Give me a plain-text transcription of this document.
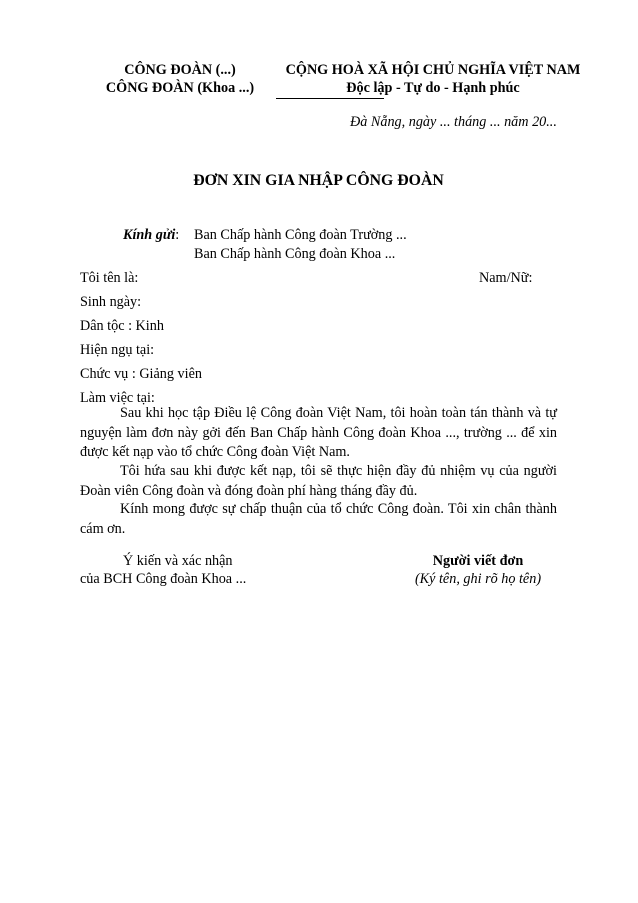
CÔNG ĐOÀN (...)
CÔNG ĐOÀN (Khoa ...)
CỘNG HOÀ XÃ HỘI CHỦ NGHĨA VIỆT NAM
Độc lập - Tự do - Hạnh phúc
Đà Nẵng, ngày ... tháng ... năm 20...
ĐƠN XIN GIA NHẬP CÔNG ĐOÀN
Kính gửi: Ban Chấp hành Công đoàn Trường ...
Ban Chấp hành Công đoàn Khoa ...
Tôi tên là:	Nam/Nữ:
Sinh ngày:
Dân tộc : Kinh
Hiện ngụ tại:
Chức vụ : Giảng viên
Làm việc tại:
Sau khi học tập Điều lệ Công đoàn Việt Nam, tôi hoàn toàn tán thành và tự nguyện làm đơn này gởi đến Ban Chấp hành Công đoàn Khoa ..., trường ... để xin được kết nạp vào tổ chức Công đoàn Việt Nam.
Tôi hứa sau khi được kết nạp, tôi sẽ thực hiện đầy đủ nhiệm vụ của người Đoàn viên Công đoàn và đóng đoàn phí hàng tháng đầy đủ.
Kính mong được sự chấp thuận của tổ chức Công đoàn. Tôi xin chân thành cám ơn.
Ý kiến và xác nhận
của BCH Công đoàn Khoa ...
Người viết đơn
(Ký tên, ghi rõ họ tên)
